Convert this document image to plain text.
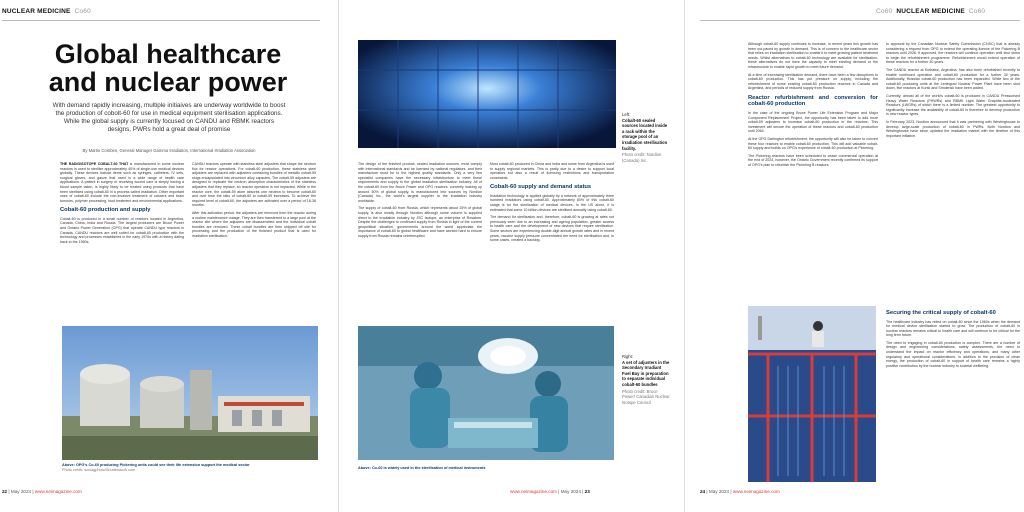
NUCLEAR MEDICINE Co60
Global healthcare and nuclear power
With demand rapidly increasing, multiple initiaives are underway worldwide to boost the production of cobolt-60 for use in medical equipment sterilisation applications. While the global supply is currently focused on CANDU and RBMK reactors designs, PWRs hold a great deal of promise
By Martin Comben, General Manager Gamma Irradiation, International Irradiation Association

THE RADIOISOTOPE COBALT-60 THAT is manufactured in some nuclear reactors is used to sterilise approximately 40% of single-use medical devices globally. These devices include items such as syringes, catheters, IV sets, surgical gloves, and gauze that used in a wide range of health care applications. A patient in surgery or receiving wound care is simply having a blood sample taken, is highly likely to be treated using products that have been sterilised using cobalt-60 in a process called irradiation. Other important uses of cobalt-60 include the non-invasive treatment of cancers and brain tumours, polymer processing, food treatment and environmental applications.

Cobalt-60 production and supply

Cobalt-60 is produced in a small number of reactors located in Argentina, Canada, China, India and Russia. The largest producers are Bruce Power and Ontario Power Generation (OPG) that operate CANDU type reactors in Canada. CANDU reactors are well suited for cobalt-60 production with the technology and processes established in the early 1970s with a history dating back to the 1950s.

CANDU reactors operate with stainless steel adjusters that shape the neutron flux for reactor operations. For cobalt-60 production, these stainless steel adjusters are replaced with adjusters containing bundles of metallic cobalt-59 slugs encapsulated into zirconium alloy capsules. The cobalt-59 adjusters are designed to replicate the neutron absorption characteristics of the stainless adjusters that they replace, so reactor operation is not impacted. While in the reactor core, the cobalt-59 atom absorbs one neutron to become cobalt-60 and over time the ratio of cobalt-60 to cobalt-59 increases. To achieve the required level of cobalt-60, the adjusters are activated over a period of 18-36 months.

After this activation period, the adjusters are removed from the reactor during a routine maintenance outage. They are then transferred to a large pool at the reactor site where the adjusters are disassembled and the individual cobalt bundles are removed. These cobalt bundles are then shipped off site for processing and the production of the finished product that is used for irradiation sterilisation.

Above: OPG's Co-60 producing Pickering units could see their life extension support the medical sector
Photo credit: sociagphoto/Shutterstock.com
22 | May 2024 | www.neimagazine.com
Left:
Cobalt-60 sealed sources located inside a rack within the storage pool of an irradiation sterilisation facility.
Photo credit: Nordion (Canada) Inc.

The design of the finished product, sealed irradiation sources, must comply with international standards and be licensed by national regulators, and their manufacture must be to the highest quality standards. Only a very few specialist companies have the necessary infrastructure to meet these requirements and supply to the global irradiation sterilisation industry. All of the cobalt-60 from the Bruce Power and OPG reactors, currently making up around 50% of global supply, is manufactured into sources by Nordion (Canada) Inc., the world's largest supplier to the irradiation industry worldwide.

The supply of cobalt-60 from Russia, which represents about 25% of global supply, is also mostly through Nordion although some volume is supplied direct to the irradiation industry by JSC Isotope, an enterprise of Rosatom. Despite the challenges to continued supply from Russia in light of the current geopolitical situation, governments around the world appreciate the importance of cobalt-60 to global healthcare and have worked hard to ensure supply from Russia remains uninterrupted.

Most cobalt-60 produced in China and India and some from Argentina is used to supply regional markets. This is partly due to a desire to support local operators but also a result of licensing restrictions and transportation constraints.

Cobalt-60 supply and demand status

Irradiation technology is applied globally by a network of approximately three hundred irradiators using cobalt-60. Approximately 80% of this cobalt-60 usage is for the sterilisation of medical devices. In the US alone, it is estimated that some 10 billion devices are sterilised annually using cobalt-60.

The demand for sterilisation and, therefore, cobalt-60 is growing at rates not previously seen due to an increasing and ageing population, greater access to health care and the development of new devices that require sterilisation. Some sectors are experiencing double-digit annual growth rates and in recent years, vaccine supply pressure concentrated the need for sterilisation and, in some cases, created a backlog.

Right:
A set of adjusters in the Secondary Irradiant Fuel Bay in preparation to separate individual cobalt-60 bundles
Photo credit: Bruce Power/ Canadian Nuclear Isotope Council
Above: Co-60 is widely used in the sterilisation of medical instruments
www.neimagazine.com | May 2024 | 23
Co60 NUCLEAR MEDICINE Co60

Although cobalt-60 supply continues to increase, in recent years this growth has been out-paced by growth in demand. This is of concern to the healthcare sector that relies on irradiation sterilisation to enable it to meet growing patient treatment needs. Whilst alternatives to cobalt-60 technology are available for sterilisation, these alternatives do not have the capacity to meet existing demand or the infrastructure to enable rapid growth to meet future demand.

At a time of increasing sterilisation demand, there have been a few disruptions to cobalt-60 production. This has put pressure on supply, including the refurbishment of some existing cobalt-60 production reactors in Canada and Argentina, and periods of reduced supply from Russia.

Reactor refurbishment and conversion for cobalt-60 production

In the case of the ongoing Bruce Power Life Extension Program and Major Component Replacement Project, the opportunity has been taken to add more cobalt-59 adjusters to increase cobalt-60 production in the reactors. This investment will secure the operation of these reactors and cobalt-60 production until 2064.

At the OPG Darlington refurbishment, the opportunity will also be taken to convert these four reactors to enable cobalt-60 production. This will add valuable cobalt-60 supply and builds on OPG's experience of cobalt-60 production at Pickering.

The Pickering reactors have been scheduled to cease commercial operation at the end of 2024, however, the Ontario Government recently confirmed its support of OPG's plan to refurbish the Pickering B reactors.

to approval by the Canadian Nuclear Safety Commission (CNSC) that is already considering a request from OPG to extend the operating licence of the Pickering B reactors until 2026. If approved, the reactors will continue operation until shut down to begin the refurbishment programme. Refurbishment would extend operation of these reactors for a further 30 years.

The CANDU reactor at Embalse, Argentina, has also been refurbished recently to enable continued operation and cobalt-60 production for a further 30 years. Additionally, Russian cobalt-60 production has been expanded. While two of the cobalt-60 producing units at the Leningrad Nuclear Power Plant have been shut down, five reactors at Kursk and Smolensk have been added.

Currently, almost all of the world's cobalt-60 is produced in CANDU Pressurised Heavy Water Reactors (PHWRs) and RBMK Light Water Graphite-moderated Reactors (LWGRs) of which there is a limited number. The greatest opportunity to significantly increase the availability of cobalt-60 is therefore to develop production in new reactor types.

In February 2023, Nordion announced that it was partnering with Westinghouse to develop large-scale production of cobalt-60 in PWRs. Both Nordion and Westinghouse have since updated the irradiation market with the timeline of this important initiative.

Securing the critical supply of cobalt-60

The healthcare industry has relied on cobalt-60 since the 1960s when the demand for medical device sterilisation started to grow. The production of cobalt-60 in nuclear reactors remains critical to health care and will continue to be critical for the long term future.

The need to engaging in cobalt-60 production is complex. There are a number of design and engineering considerations, safety assessments, the need to understand the impact on reactor efficiency and operations, and many other regulatory and operational considerations. In addition to the provision of clean energy, the production of cobalt-60 in support of health care remains a highly positive contribution by the nuclear industry to societal wellbeing.

24 | May 2024 | www.neimagazine.com
